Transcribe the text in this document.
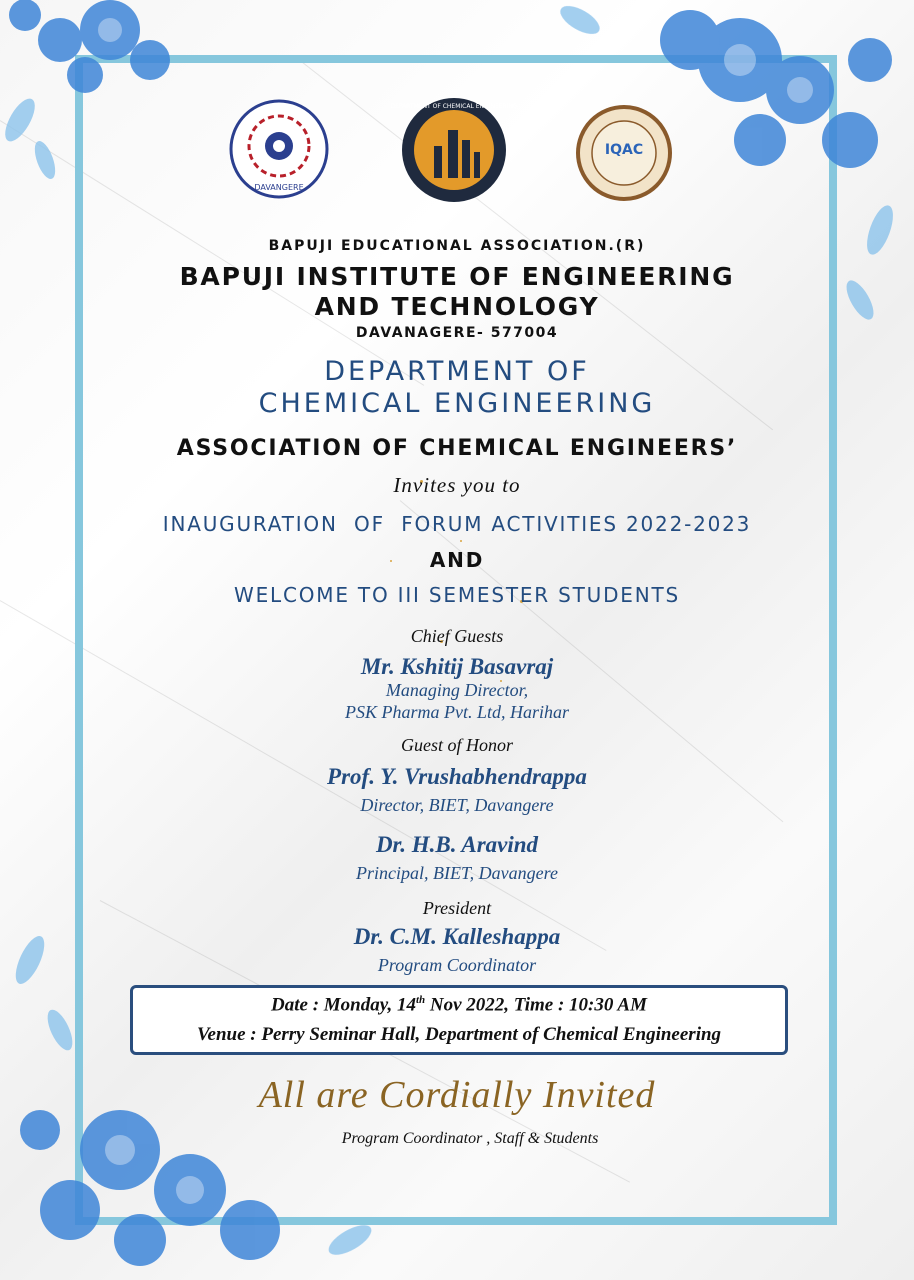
DAVANGERE
DEPARTMENT OF CHEMICAL ENGINEERING
IQAC
BAPUJI EDUCATIONAL ASSOCIATION.(R)
BAPUJI INSTITUTE OF ENGINEERING
AND TECHNOLOGY
DAVANAGERE- 577004
DEPARTMENT OF
CHEMICAL ENGINEERING
ASSOCIATION OF CHEMICAL ENGINEERS’
Invites you to
INAUGURATION  OF  FORUM ACTIVITIES 2022-2023
AND
WELCOME TO III SEMESTER STUDENTS
Chief Guests
Mr. Kshitij Basavraj
Managing Director,
PSK Pharma Pvt. Ltd, Harihar
Guest of Honor
Prof. Y. Vrushabhendrappa
Director, BIET, Davangere
Dr. H.B. Aravind
Principal, BIET, Davangere
President
Dr. C.M. Kalleshappa
Program Coordinator
Date : Monday, 14th Nov 2022, Time : 10:30 AM
Venue : Perry Seminar Hall, Department of Chemical Engineering
All are Cordially Invited
Program Coordinator , Staff & Students
